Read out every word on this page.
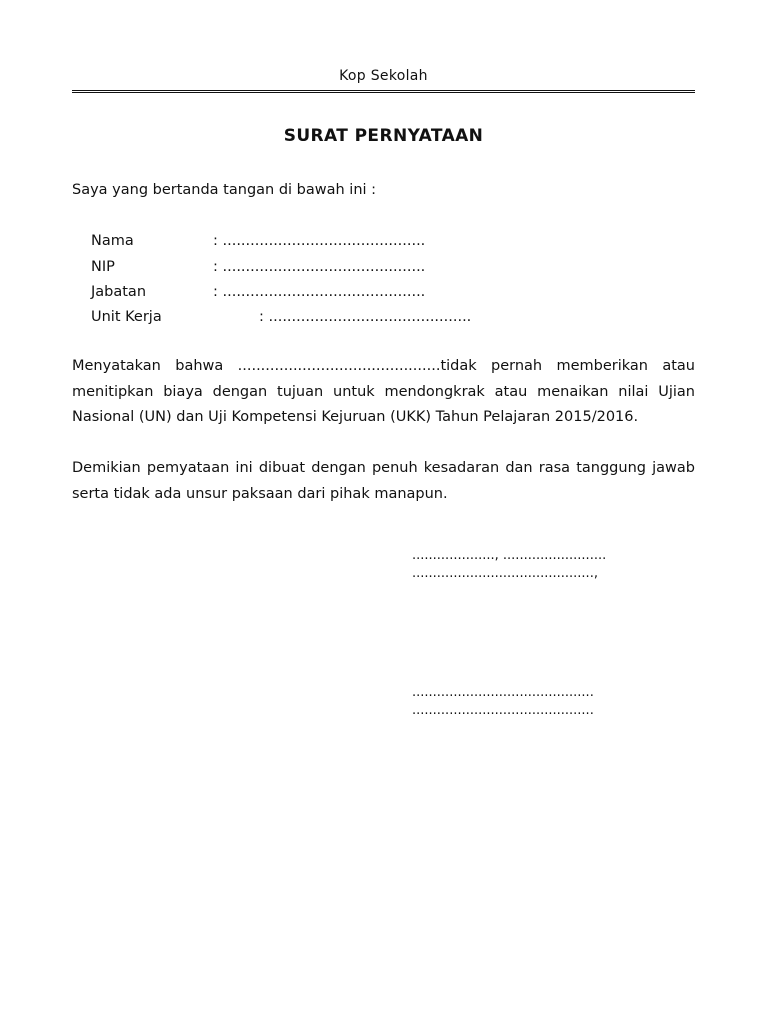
Kop Sekolah
SURAT PERNYATAAN
Saya yang bertanda tangan di bawah ini :
Nama	: ............................................
NIP	: ............................................
Jabatan	: ............................................
Unit Kerja	: ............................................
Menyatakan bahwa ............................................tidak pernah memberikan atau menitipkan biaya dengan tujuan untuk mendongkrak atau menaikan nilai Ujian Nasional (UN) dan Uji Kompetensi Kejuruan (UKK) Tahun Pelajaran 2015/2016.
Demikian pemyataan ini dibuat dengan penuh kesadaran dan rasa tanggung jawab serta tidak ada unsur paksaan dari pihak manapun.
...................., .........................
............................................,
............................................
............................................
